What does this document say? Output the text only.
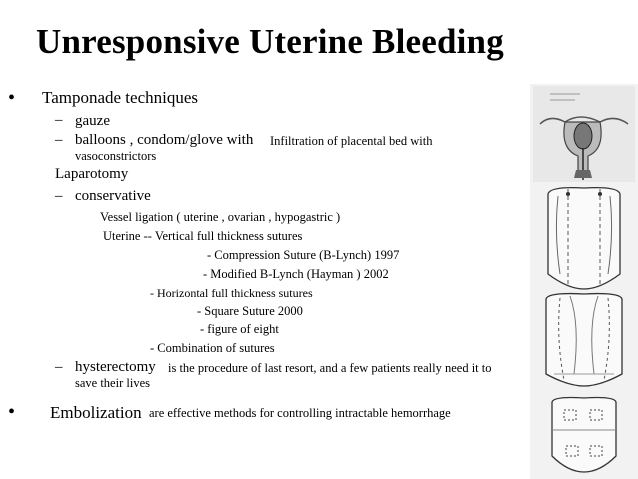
Unresponsive Uterine Bleeding
• Tamponade techniques
– gauze
– balloons , condom/glove with Infiltration of placental bed with
vasoconstrictors
Laparotomy
– conservative
Vessel ligation ( uterine , ovarian , hypogastric )
Uterine -- Vertical full thickness sutures
- Compression Suture (B-Lynch) 1997
- Modified B-Lynch (Hayman ) 2002
- Horizontal full thickness sutures
- Square Suture 2000
- figure of eight
- Combination of sutures
– hysterectomy is the procedure of last resort, and a few patients really need it to
save their lives
• Embolization are effective methods for controlling intractable hemorrhage
